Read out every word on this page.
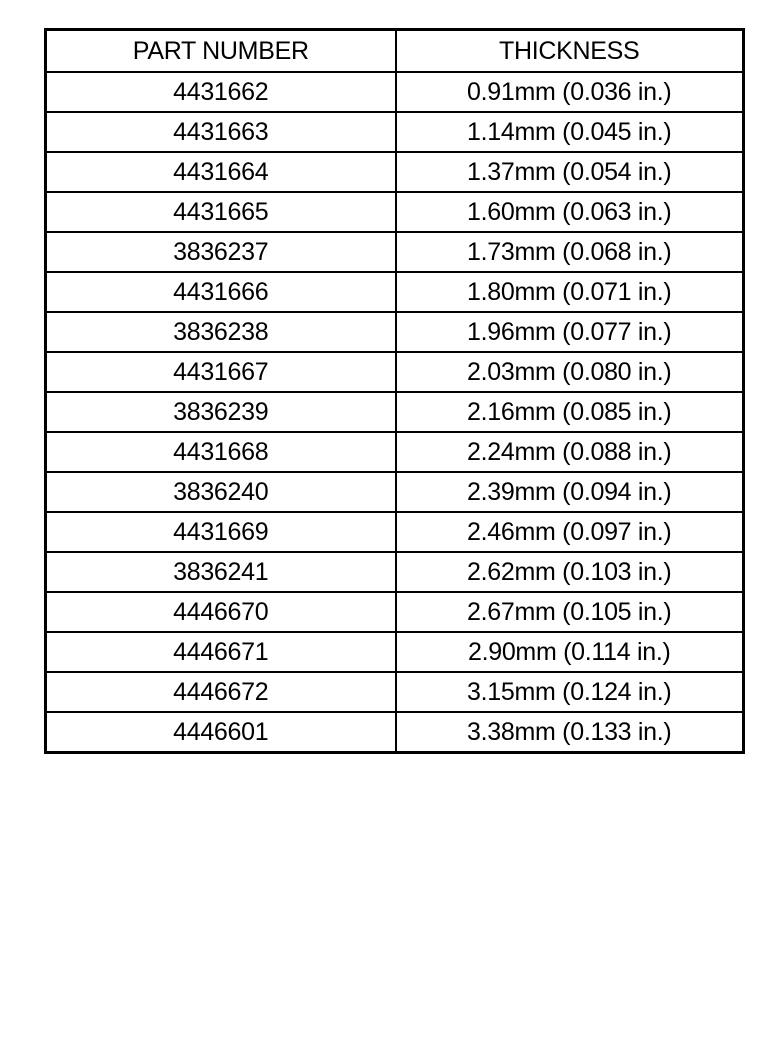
PART NUMBER	THICKNESS
4431662	0.91mm (0.036 in.)
4431663	1.14mm (0.045 in.)
4431664	1.37mm (0.054 in.)
4431665	1.60mm (0.063 in.)
3836237	1.73mm (0.068 in.)
4431666	1.80mm (0.071 in.)
3836238	1.96mm (0.077 in.)
4431667	2.03mm (0.080 in.)
3836239	2.16mm (0.085 in.)
4431668	2.24mm (0.088 in.)
3836240	2.39mm (0.094 in.)
4431669	2.46mm (0.097 in.)
3836241	2.62mm (0.103 in.)
4446670	2.67mm (0.105 in.)
4446671	2.90mm (0.114 in.)
4446672	3.15mm (0.124 in.)
4446601	3.38mm (0.133 in.)
